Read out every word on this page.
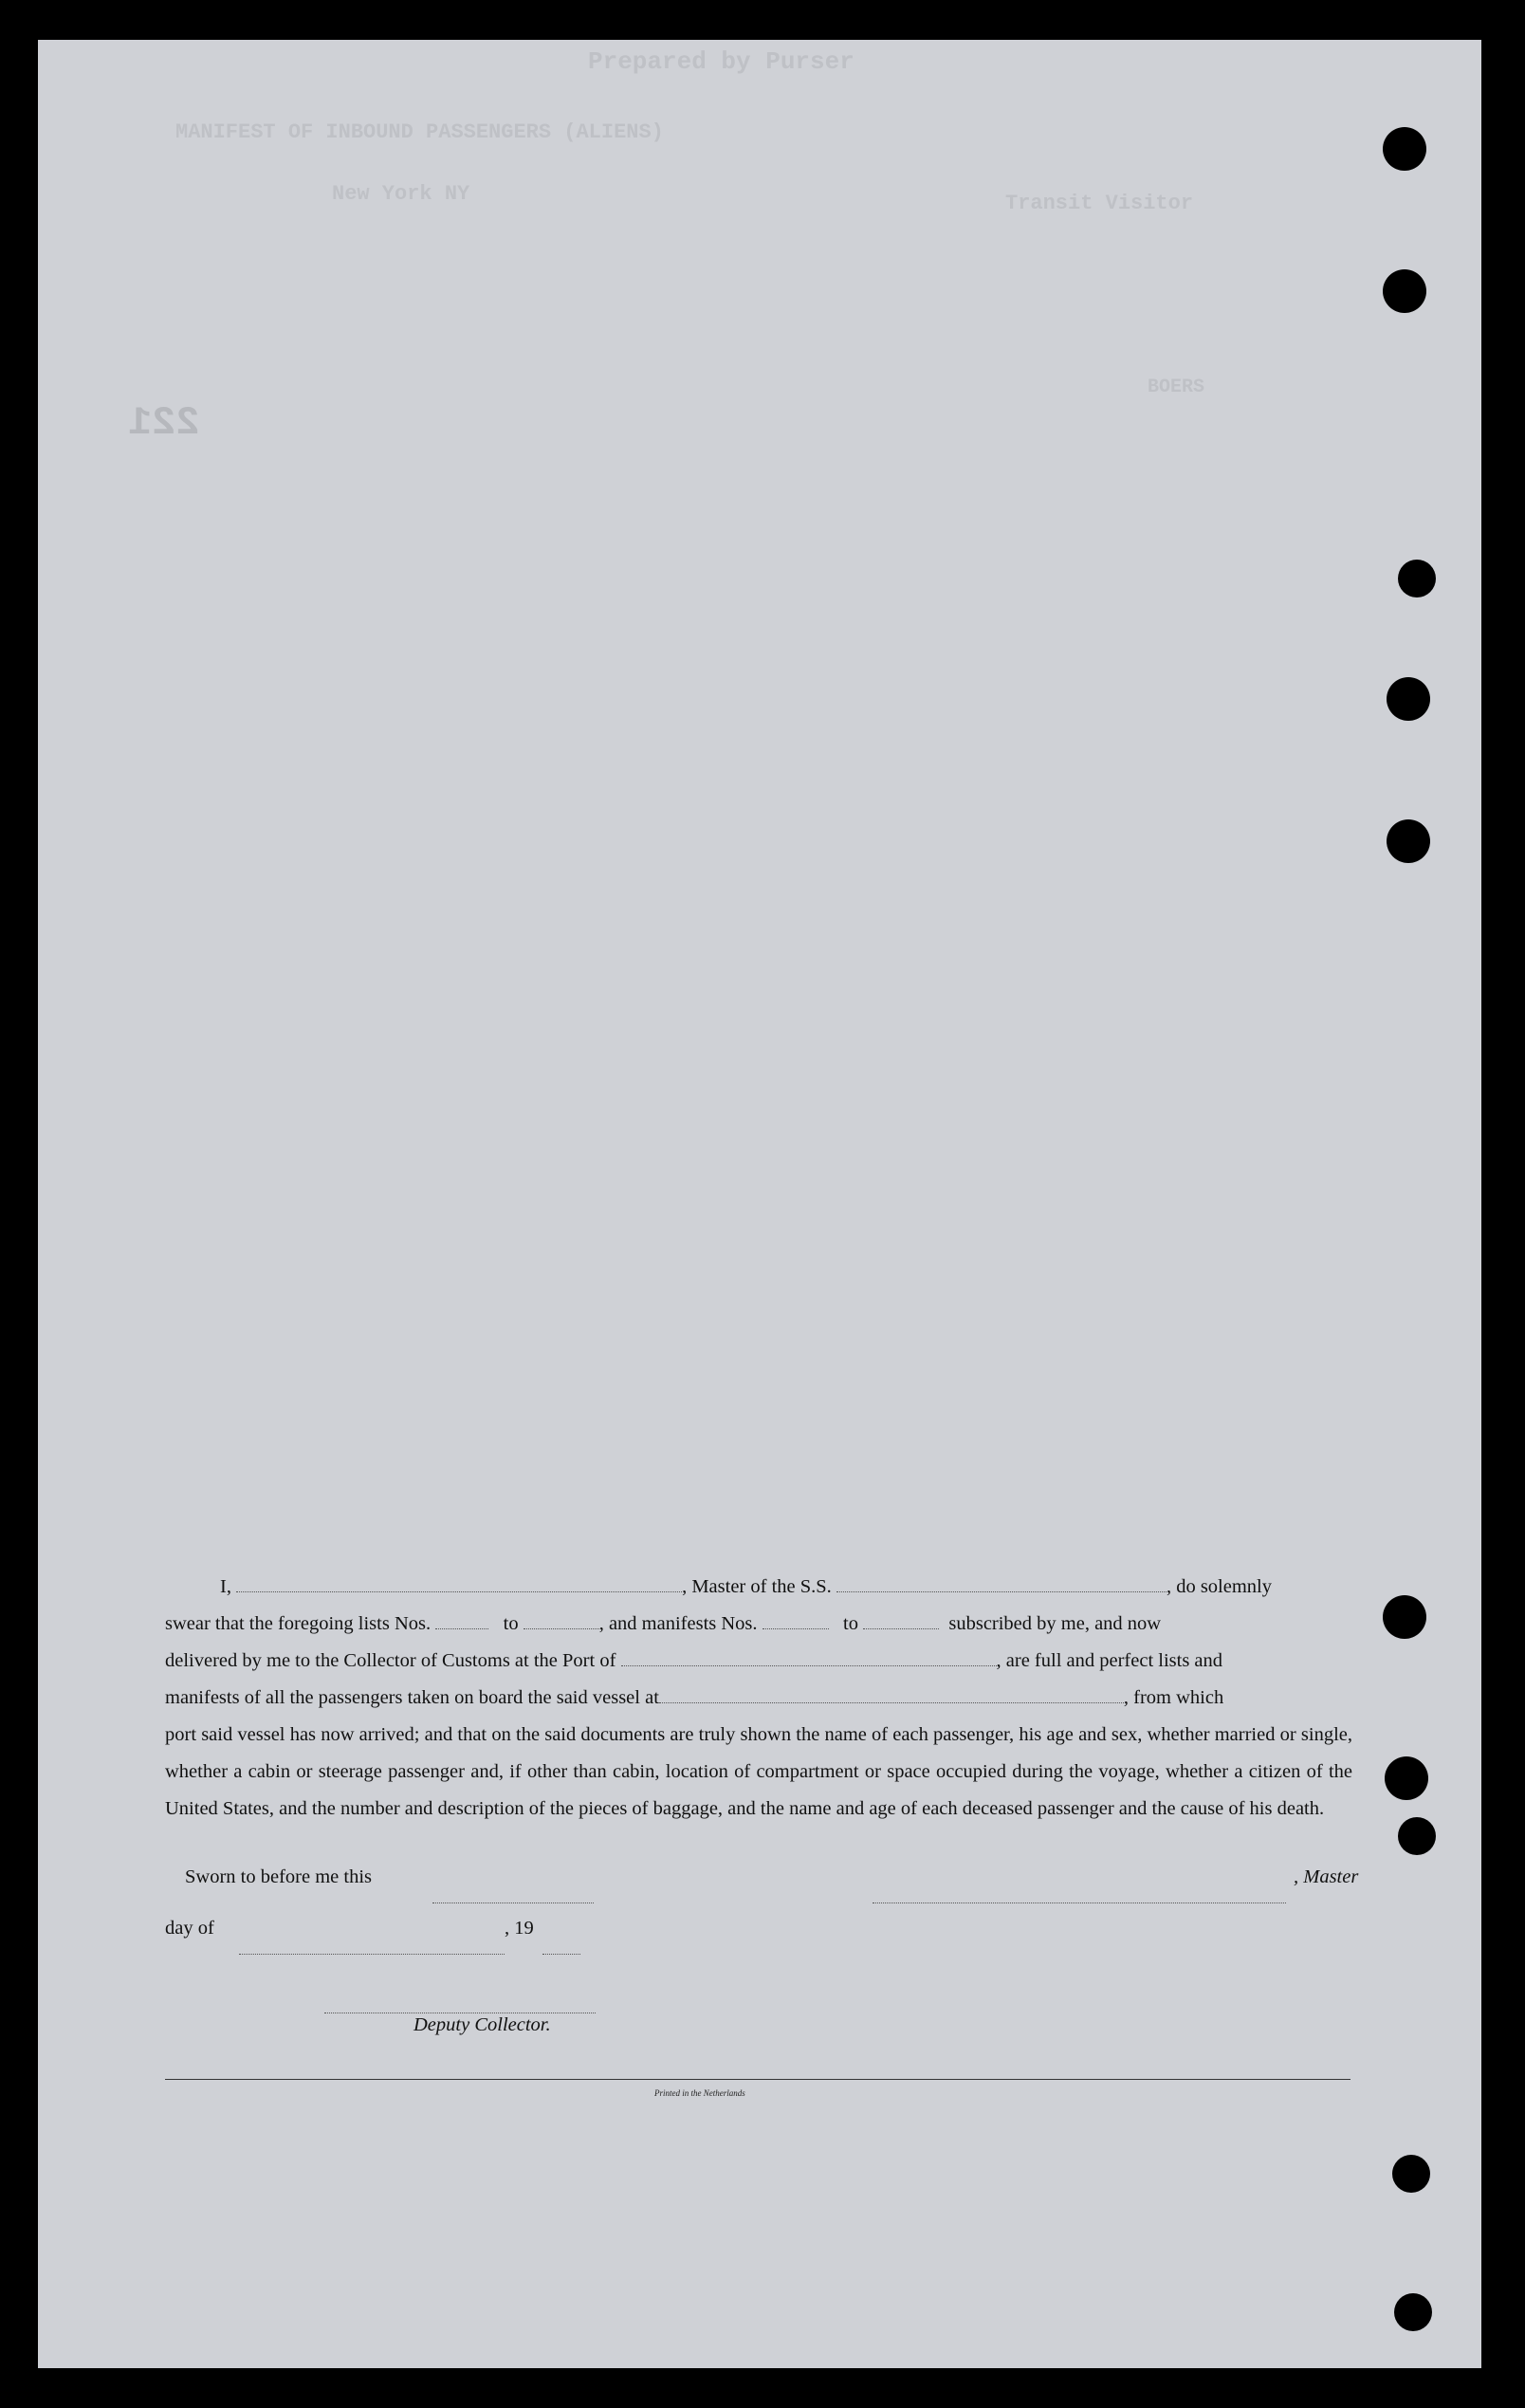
Prepared by Purser
MANIFEST OF INBOUND PASSENGERS (ALIENS)
New York NY	Transit Visitor
BOERS
221

I,	, Master of the S.S.	, do solemnly

swear that the foregoing lists Nos.	to	, and manifests Nos.	to	subscribed by me, and now
delivered by me to the Collector of Customs at the Port of	, are full and perfect lists and
manifests of all the passengers taken on board the said vessel at	, from which
port said vessel has now arrived; and that on the said documents are truly shown the name of each passenger, his age and sex, whether married or single, whether a cabin or steerage passenger and, if other than cabin, location of compartment or space occupied during the voyage, whether a citizen of the United States, and the number and description of the pieces of baggage, and the name and age of each deceased passenger and the cause of his death.
Sworn to before me this	, Master
day of	, 19
Deputy Collector.
Printed in the Netherlands
